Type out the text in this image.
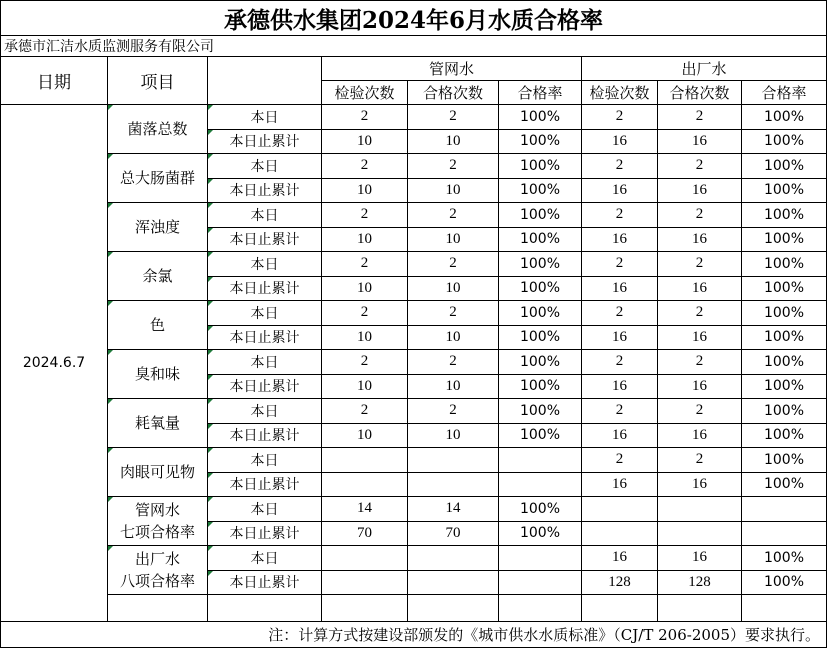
承德供水集团2024年6月水质合格率								
承德市汇洁水质监测服务有限公司								
日期	项目		管网水			出厂水		
			检验次数	合格次数	合格率	检验次数	合格次数	合格率
2024.6.7	菌落总数	本日	2	2	100%	2	2	100%
		本日止累计	10	10	100%	16	16	100%
	总大肠菌群	本日	2	2	100%	2	2	100%
		本日止累计	10	10	100%	16	16	100%
	浑浊度	本日	2	2	100%	2	2	100%
		本日止累计	10	10	100%	16	16	100%
	余氯	本日	2	2	100%	2	2	100%
		本日止累计	10	10	100%	16	16	100%
	色	本日	2	2	100%	2	2	100%
		本日止累计	10	10	100%	16	16	100%
	臭和味	本日	2	2	100%	2	2	100%
		本日止累计	10	10	100%	16	16	100%
	耗氧量	本日	2	2	100%	2	2	100%
		本日止累计	10	10	100%	16	16	100%
	肉眼可见物	本日				2	2	100%
		本日止累计				16	16	100%

	管网水
七项合格率	本日	14	14	100%			
		本日止累计	70	70	100%			

	出厂水
八项合格率	本日				16	16	100%
		本日止累计				128	128	100%

注：计算方式按建设部颁发的《城市供水水质标准》（CJ/T 206-2005）要求执行。								
